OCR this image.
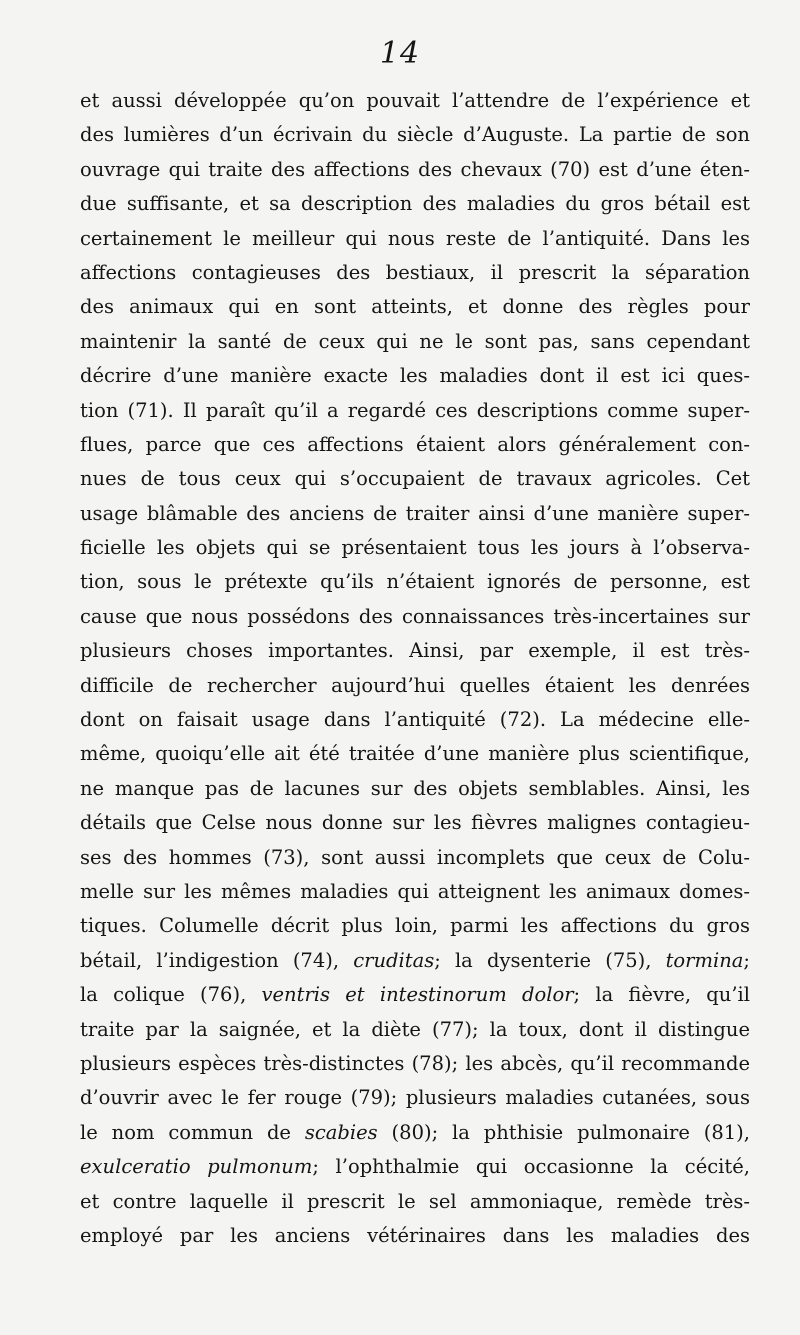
14
et aussi développée qu’on pouvait l’attendre de l’expérience et
des lumières d’un écrivain du siècle d’Auguste. La partie de son
ouvrage qui traite des affections des chevaux (70) est d’une éten-
due suffisante, et sa description des maladies du gros bétail est
certainement le meilleur qui nous reste de l’antiquité. Dans les
affections contagieuses des bestiaux, il prescrit la séparation
des animaux qui en sont atteints, et donne des règles pour
maintenir la santé de ceux qui ne le sont pas, sans cependant
décrire d’une manière exacte les maladies dont il est ici ques-
tion (71). Il paraît qu’il a regardé ces descriptions comme super-
flues, parce que ces affections étaient alors généralement con-
nues de tous ceux qui s’occupaient de travaux agricoles. Cet
usage blâmable des anciens de traiter ainsi d’une manière super-
ficielle les objets qui se présentaient tous les jours à l’observa-
tion, sous le prétexte qu’ils n’étaient ignorés de personne, est
cause que nous possédons des connaissances très-incertaines sur
plusieurs choses importantes. Ainsi, par exemple, il est très-
difficile de rechercher aujourd’hui quelles étaient les denrées
dont on faisait usage dans l’antiquité (72). La médecine elle-
même, quoiqu’elle ait été traitée d’une manière plus scientifique,
ne manque pas de lacunes sur des objets semblables. Ainsi, les
détails que Celse nous donne sur les fièvres malignes contagieu-
ses des hommes (73), sont aussi incomplets que ceux de Colu-
melle sur les mêmes maladies qui atteignent les animaux domes-
tiques. Columelle décrit plus loin, parmi les affections du gros
bétail, l’indigestion (74), cruditas; la dysenterie (75), tormina;
la colique (76), ventris et intestinorum dolor; la fièvre, qu’il
traite par la saignée, et la diète (77); la toux, dont il distingue
plusieurs espèces très-distinctes (78); les abcès, qu’il recommande
d’ouvrir avec le fer rouge (79); plusieurs maladies cutanées, sous
le nom commun de scabies (80); la phthisie pulmonaire (81),
exulceratio pulmonum; l’ophthalmie qui occasionne la cécité,
et contre laquelle il prescrit le sel ammoniaque, remède très-
employé par les anciens vétérinaires dans les maladies des
